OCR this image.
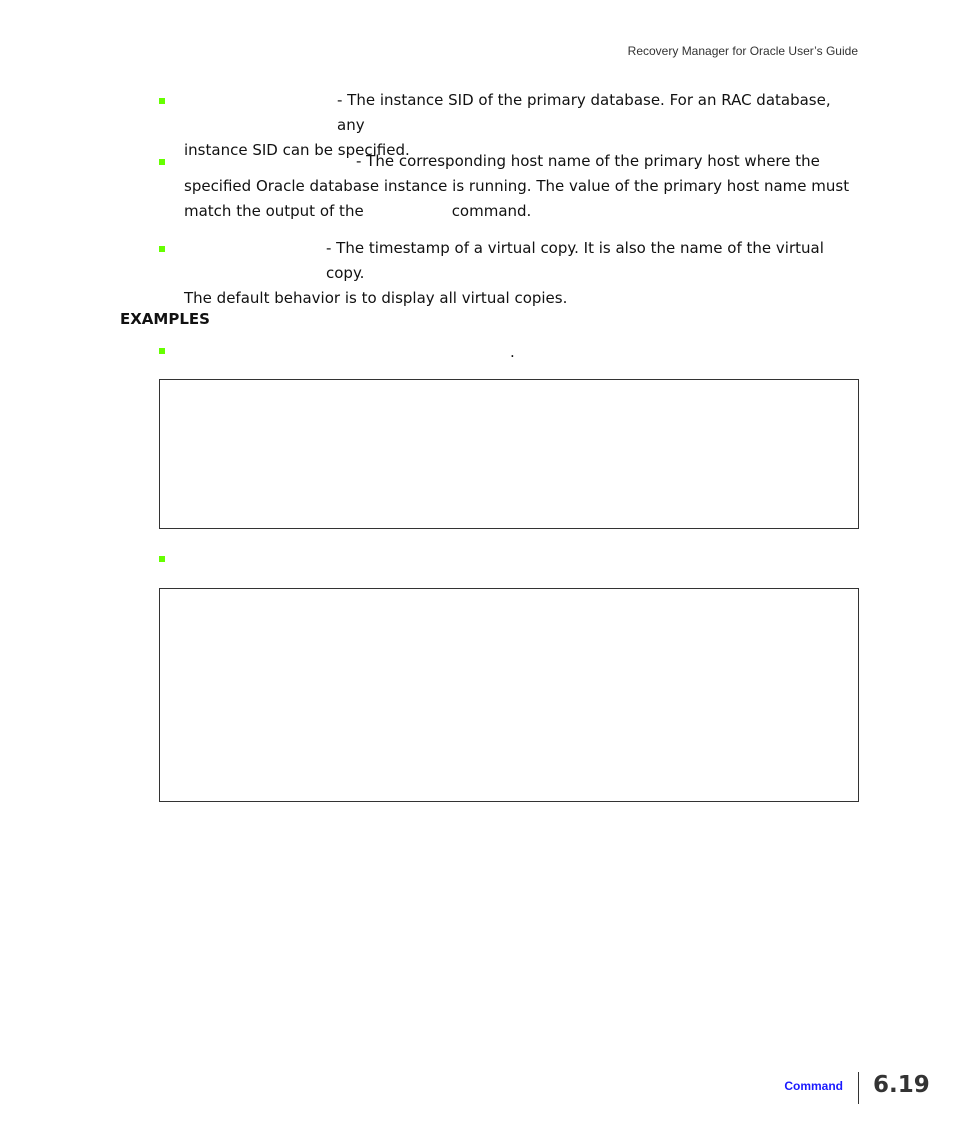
Recovery Manager for Oracle User’s Guide
- The instance SID of the primary database. For an RAC database, any
instance SID can be specified.
- The corresponding host name of the primary host where the
specified Oracle database instance is running. The value of the primary host name must
match the output of the	command.
- The timestamp of a virtual copy. It is also the name of the virtual copy.
The default behavior is to display all virtual copies.
EXAMPLES
.
Command 6.19
